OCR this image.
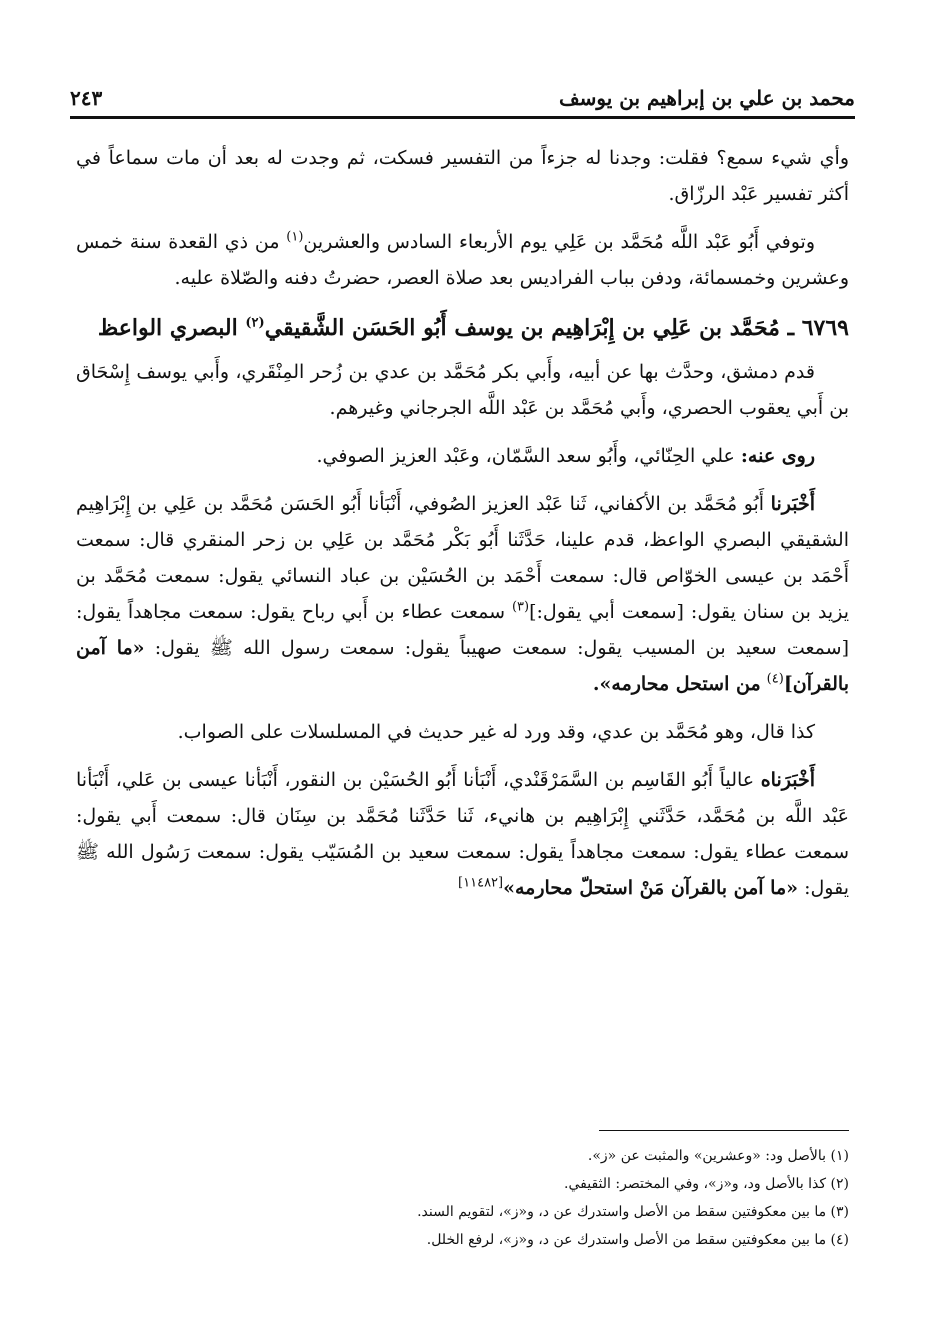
محمد بن علي بن إبراهيم بن يوسف
٢٤٣

وأي شيء سمع؟ فقلت: وجدنا له جزءاً من التفسير فسكت، ثم وجدت له بعد أن مات سماعاً في أكثر تفسير عَبْد الرزّاق.

وتوفي أَبُو عَبْد اللَّه مُحَمَّد بن عَلِي يوم الأربعاء السادس والعشرين$^{(١)}$ من ذي القعدة سنة خمس وعشرين وخمسمائة، ودفن بباب الفراديس بعد صلاة العصر، حضرتُ دفنه والصّلاة عليه.

٦٧٦٩ ـ مُحَمَّد بن عَلِي بن إِبْرَاهِيم بن يوسف أَبُو الحَسَن الشَّقيقي$^{(٢)}$ البصري الواعظ

قدم دمشق، وحدَّث بها عن أبيه، وأَبي بكر مُحَمَّد بن عدي بن زُحر المِنْقَري، وأَبي يوسف إِسْحَاق بن أَبي يعقوب الحصري، وأَبي مُحَمَّد بن عَبْد اللَّه الجرجاني وغيرهم.

روى عنه: علي الحِنّائي، وأَبُو سعد السَّمّان، وعَبْد العزيز الصوفي.

أَخْبَرنا أَبُو مُحَمَّد بن الأكفاني، ثَنا عَبْد العزيز الصُوفي، أَنْبَأنا أَبُو الحَسَن مُحَمَّد بن عَلِي بن إِبْرَاهِيم الشقيقي البصري الواعظ، قدم علينا، حَدَّثَنا أَبُو بَكْر مُحَمَّد بن عَلِي بن زحر المنقري قال: سمعت أَحْمَد بن عيسى الخوّاص قال: سمعت أَحْمَد بن الحُسَيْن بن عباد النسائي يقول: سمعت مُحَمَّد بن يزيد بن سنان يقول: [سمعت أبي يقول:]$^{(٣)}$ سمعت عطاء بن أَبي رباح يقول: سمعت مجاهداً يقول: [سمعت سعيد بن المسيب يقول: سمعت صهيباً يقول: سمعت رسول الله ﷺ يقول: «ما آمن بالقرآن]$^{(٤)}$ من استحل محارمه».

كذا قال، وهو مُحَمَّد بن عدي، وقد ورد له غير حديث في المسلسلات على الصواب.

أَخْبَرَناه عالياً أَبُو القَاسِم بن السَّمَرْقَنْدي، أَنْبَأنا أَبُو الحُسَيْن بن النقور، أَنْبَأنا عيسى بن عَلي، أَنْبَأنا عَبْد اللَّه بن مُحَمَّد، حَدَّثَني إِبْرَاهِيم بن هانيء، ثَنا حَدَّثَنا مُحَمَّد بن سِنَان قال: سمعت أَبي يقول: سمعت عطاء يقول: سمعت مجاهداً يقول: سمعت سعيد بن المُسَيّب يقول: سمعت رَسُول الله ﷺ يقول: «ما آمن بالقرآن مَنْ استحلّ محارمه»[١١٤٨٢]

(١) بالأصل ود: «وعشرين» والمثبت عن «ز».

(٢) كذا بالأصل ود، و«ز»، وفي المختصر: الثقيفي.

(٣) ما بين معكوفتين سقط من الأصل واستدرك عن د، و«ز»، لتقويم السند.

(٤) ما بين معكوفتين سقط من الأصل واستدرك عن د، و«ز»، لرفع الخلل.
